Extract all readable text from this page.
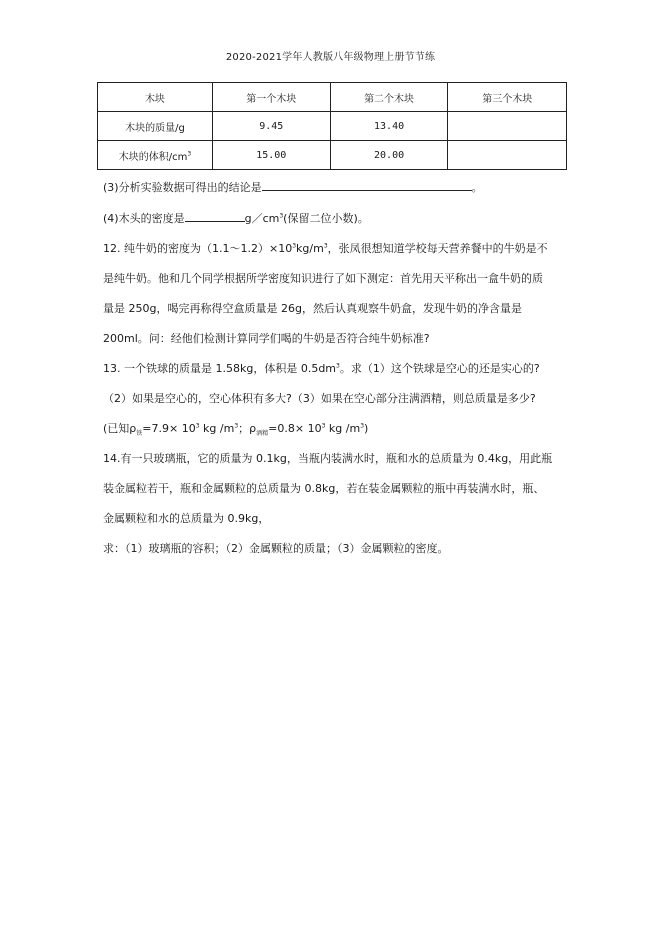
2020-2021学年人教版八年级物理上册节节练
木块	第一个木块	第二个木块	第三个木块
木块的质量/g	9.45	13.40	
木块的体积$/cm^3$	15.00	20.00	
(3)分析实验数据可得出的结论是	。
(4)木头的密度是	$g/cm^3$(保留二位小数)。
12. 纯牛奶的密度为$(1.1\sim 1.2)\times 10^3kg/m^3$，张凤很想知道学校每天营养餐中的牛奶是不
是纯牛奶。他和几个同学根据所学密度知识进行了如下测定：首先用天平称出一盒牛奶的质
量是 250g，喝完再称得空盒质量是 26g，然后认真观察牛奶盒，发现牛奶的净含量是
200ml。问：经他们检测计算同学们喝的牛奶是否符合纯牛奶标准?
13. 一个铁球的质量是 1.58kg，体积是 $0.5dm^3$。求（1）这个铁球是空心的还是实心的?
（2）如果是空心的，空心体积有多大?（3）如果在空心部分注满酒精，则总质量是多少?
(已知$\rho_铁=7.9\times 10^3$ kg $/m^3$；$\rho_{酒精}=0.8\times 10^3$ kg $/m^3$)
14.有一只玻璃瓶，它的质量为 0.1kg，当瓶内装满水时，瓶和水的总质量为 0.4kg，用此瓶
装金属粒若干，瓶和金属颗粒的总质量为 0.8kg，若在装金属颗粒的瓶中再装满水时，瓶、
金属颗粒和水的总质量为 0.9kg，
求：（1）玻璃瓶的容积；（2）金属颗粒的质量；（3）金属颗粒的密度。
